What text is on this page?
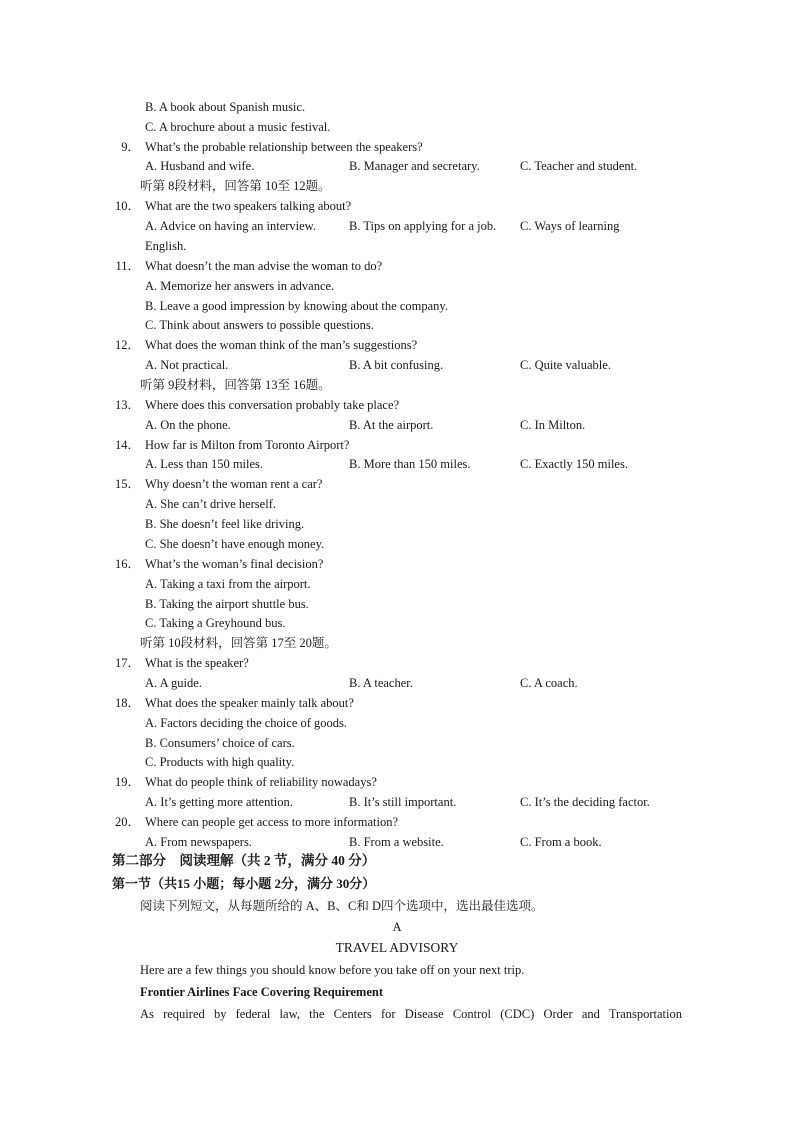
B. A book about Spanish music.
C. A brochure about a music festival.
9． What’s the probable relationship between the speakers?
A. Husband and wife.	B. Manager and secretary.	C. Teacher and student.
听第 8段材料，回答第 10至 12题。
10． What are the two speakers talking about?
A. Advice on having an interview.	B. Tips on applying for a job. C. Ways of learning
English.
11． What doesn’t the man advise the woman to do?
A. Memorize her answers in advance.
B. Leave a good impression by knowing about the company.
C. Think about answers to possible questions.
12． What does the woman think of the man’s suggestions?
A. Not practical.	B. A bit confusing.	C. Quite valuable.
听第 9段材料，回答第 13至 16题。
13． Where does this conversation probably take place?
A. On the phone.	B. At the airport.	C. In Milton.
14． How far is Milton from Toronto Airport?
A. Less than 150 miles.	B. More than 150 miles.	C. Exactly 150 miles.
15． Why doesn’t the woman rent a car?
A. She can’t drive herself.
B. She doesn’t feel like driving.
C. She doesn’t have enough money.
16． What’s the woman’s final decision?
A. Taking a taxi from the airport.
B. Taking the airport shuttle bus.
C. Taking a Greyhound bus.
听第 10段材料，回答第 17至 20题。
17． What is the speaker?
A. A guide.	B. A teacher.	C. A coach.
18． What does the speaker mainly talk about?
A. Factors deciding the choice of goods.
B. Consumers’ choice of cars.
C. Products with high quality.
19． What do people think of reliability nowadays?
A. It’s getting more attention.	B. It’s still important.	C. It’s the deciding factor.
20． Where can people get access to more information?
A. From newspapers.	B. From a website.	C. From a book.
第二部分　阅读理解（共 2 节，满分 40 分）
第一节（共15 小题；每小题 2分，满分 30分）
阅读下列短文，从每题所给的 A、B、C和 D四个选项中，选出最佳选项。
A
TRAVEL ADVISORY
Here are a few things you should know before you take off on your next trip.
Frontier Airlines Face Covering Requirement
As required by federal law, the Centers for Disease Control (CDC) Order and Transportation
